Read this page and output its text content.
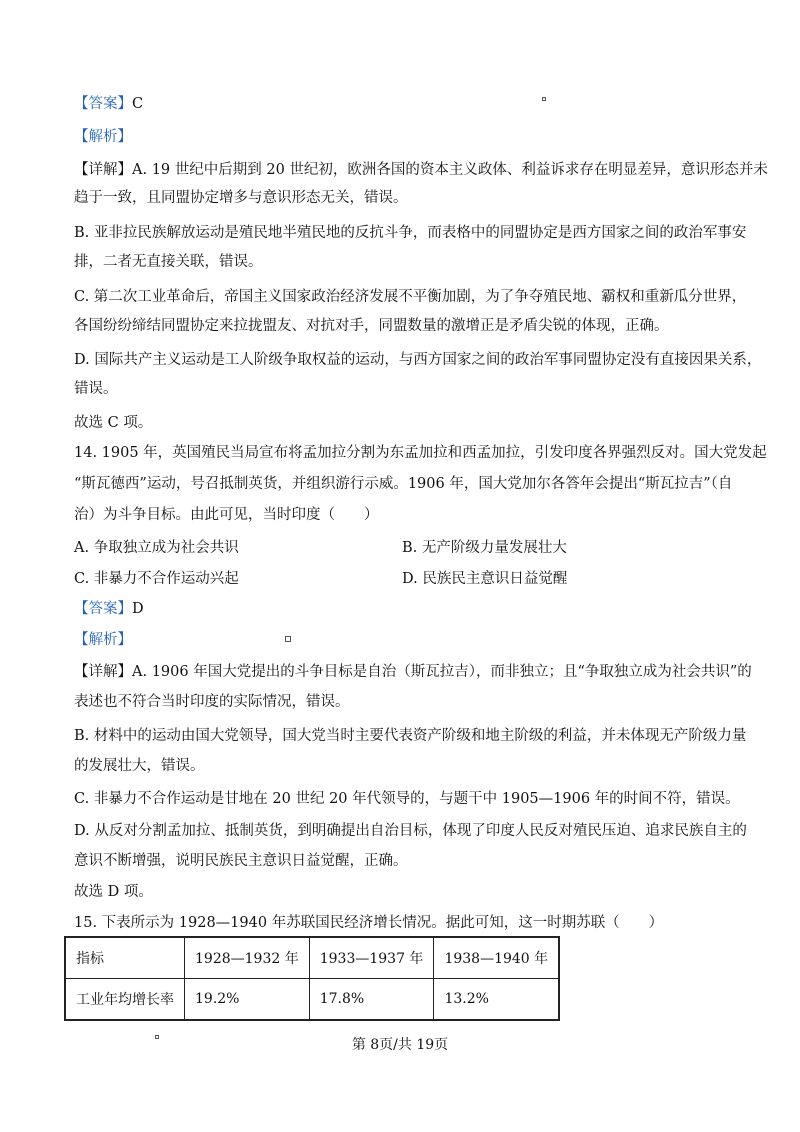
【答案】C
【解析】
【详解】A. 19 世纪中后期到 20 世纪初，欧洲各国的资本主义政体、利益诉求存在明显差异，意识形态并未
趋于一致，且同盟协定增多与意识形态无关，错误。
B. 亚非拉民族解放运动是殖民地半殖民地的反抗斗争，而表格中的同盟协定是西方国家之间的政治军事安
排，二者无直接关联，错误。
C. 第二次工业革命后，帝国主义国家政治经济发展不平衡加剧，为了争夺殖民地、霸权和重新瓜分世界，
各国纷纷缔结同盟协定来拉拢盟友、对抗对手，同盟数量的激增正是矛盾尖锐的体现，正确。
D. 国际共产主义运动是工人阶级争取权益的运动，与西方国家之间的政治军事同盟协定没有直接因果关系，
错误。
故选 C 项。
14. 1905 年，英国殖民当局宣布将孟加拉分割为东孟加拉和西孟加拉，引发印度各界强烈反对。国大党发起
“斯瓦德西”运动，号召抵制英货，并组织游行示威。1906 年，国大党加尔各答年会提出“斯瓦拉吉”（自
治）为斗争目标。由此可见，当时印度（　　）
A. 争取独立成为社会共识	B. 无产阶级力量发展壮大
C. 非暴力不合作运动兴起	D. 民族民主意识日益觉醒
【答案】D
【解析】
【详解】A. 1906 年国大党提出的斗争目标是自治（斯瓦拉吉），而非独立；且“争取独立成为社会共识”的
表述也不符合当时印度的实际情况，错误。
B. 材料中的运动由国大党领导，国大党当时主要代表资产阶级和地主阶级的利益，并未体现无产阶级力量
的发展壮大，错误。
C. 非暴力不合作运动是甘地在 20 世纪 20 年代领导的，与题干中 1905—1906 年的时间不符，错误。
D. 从反对分割孟加拉、抵制英货，到明确提出自治目标，体现了印度人民反对殖民压迫、追求民族自主的
意识不断增强，说明民族民主意识日益觉醒，正确。
故选 D 项。
15. 下表所示为 1928—1940 年苏联国民经济增长情况。据此可知，这一时期苏联（　　）
指标	1928—1932 年	1933—1937 年	1938—1940 年
工业年均增长率	19.2%	17.8%	13.2%
第 8页/共 19页
